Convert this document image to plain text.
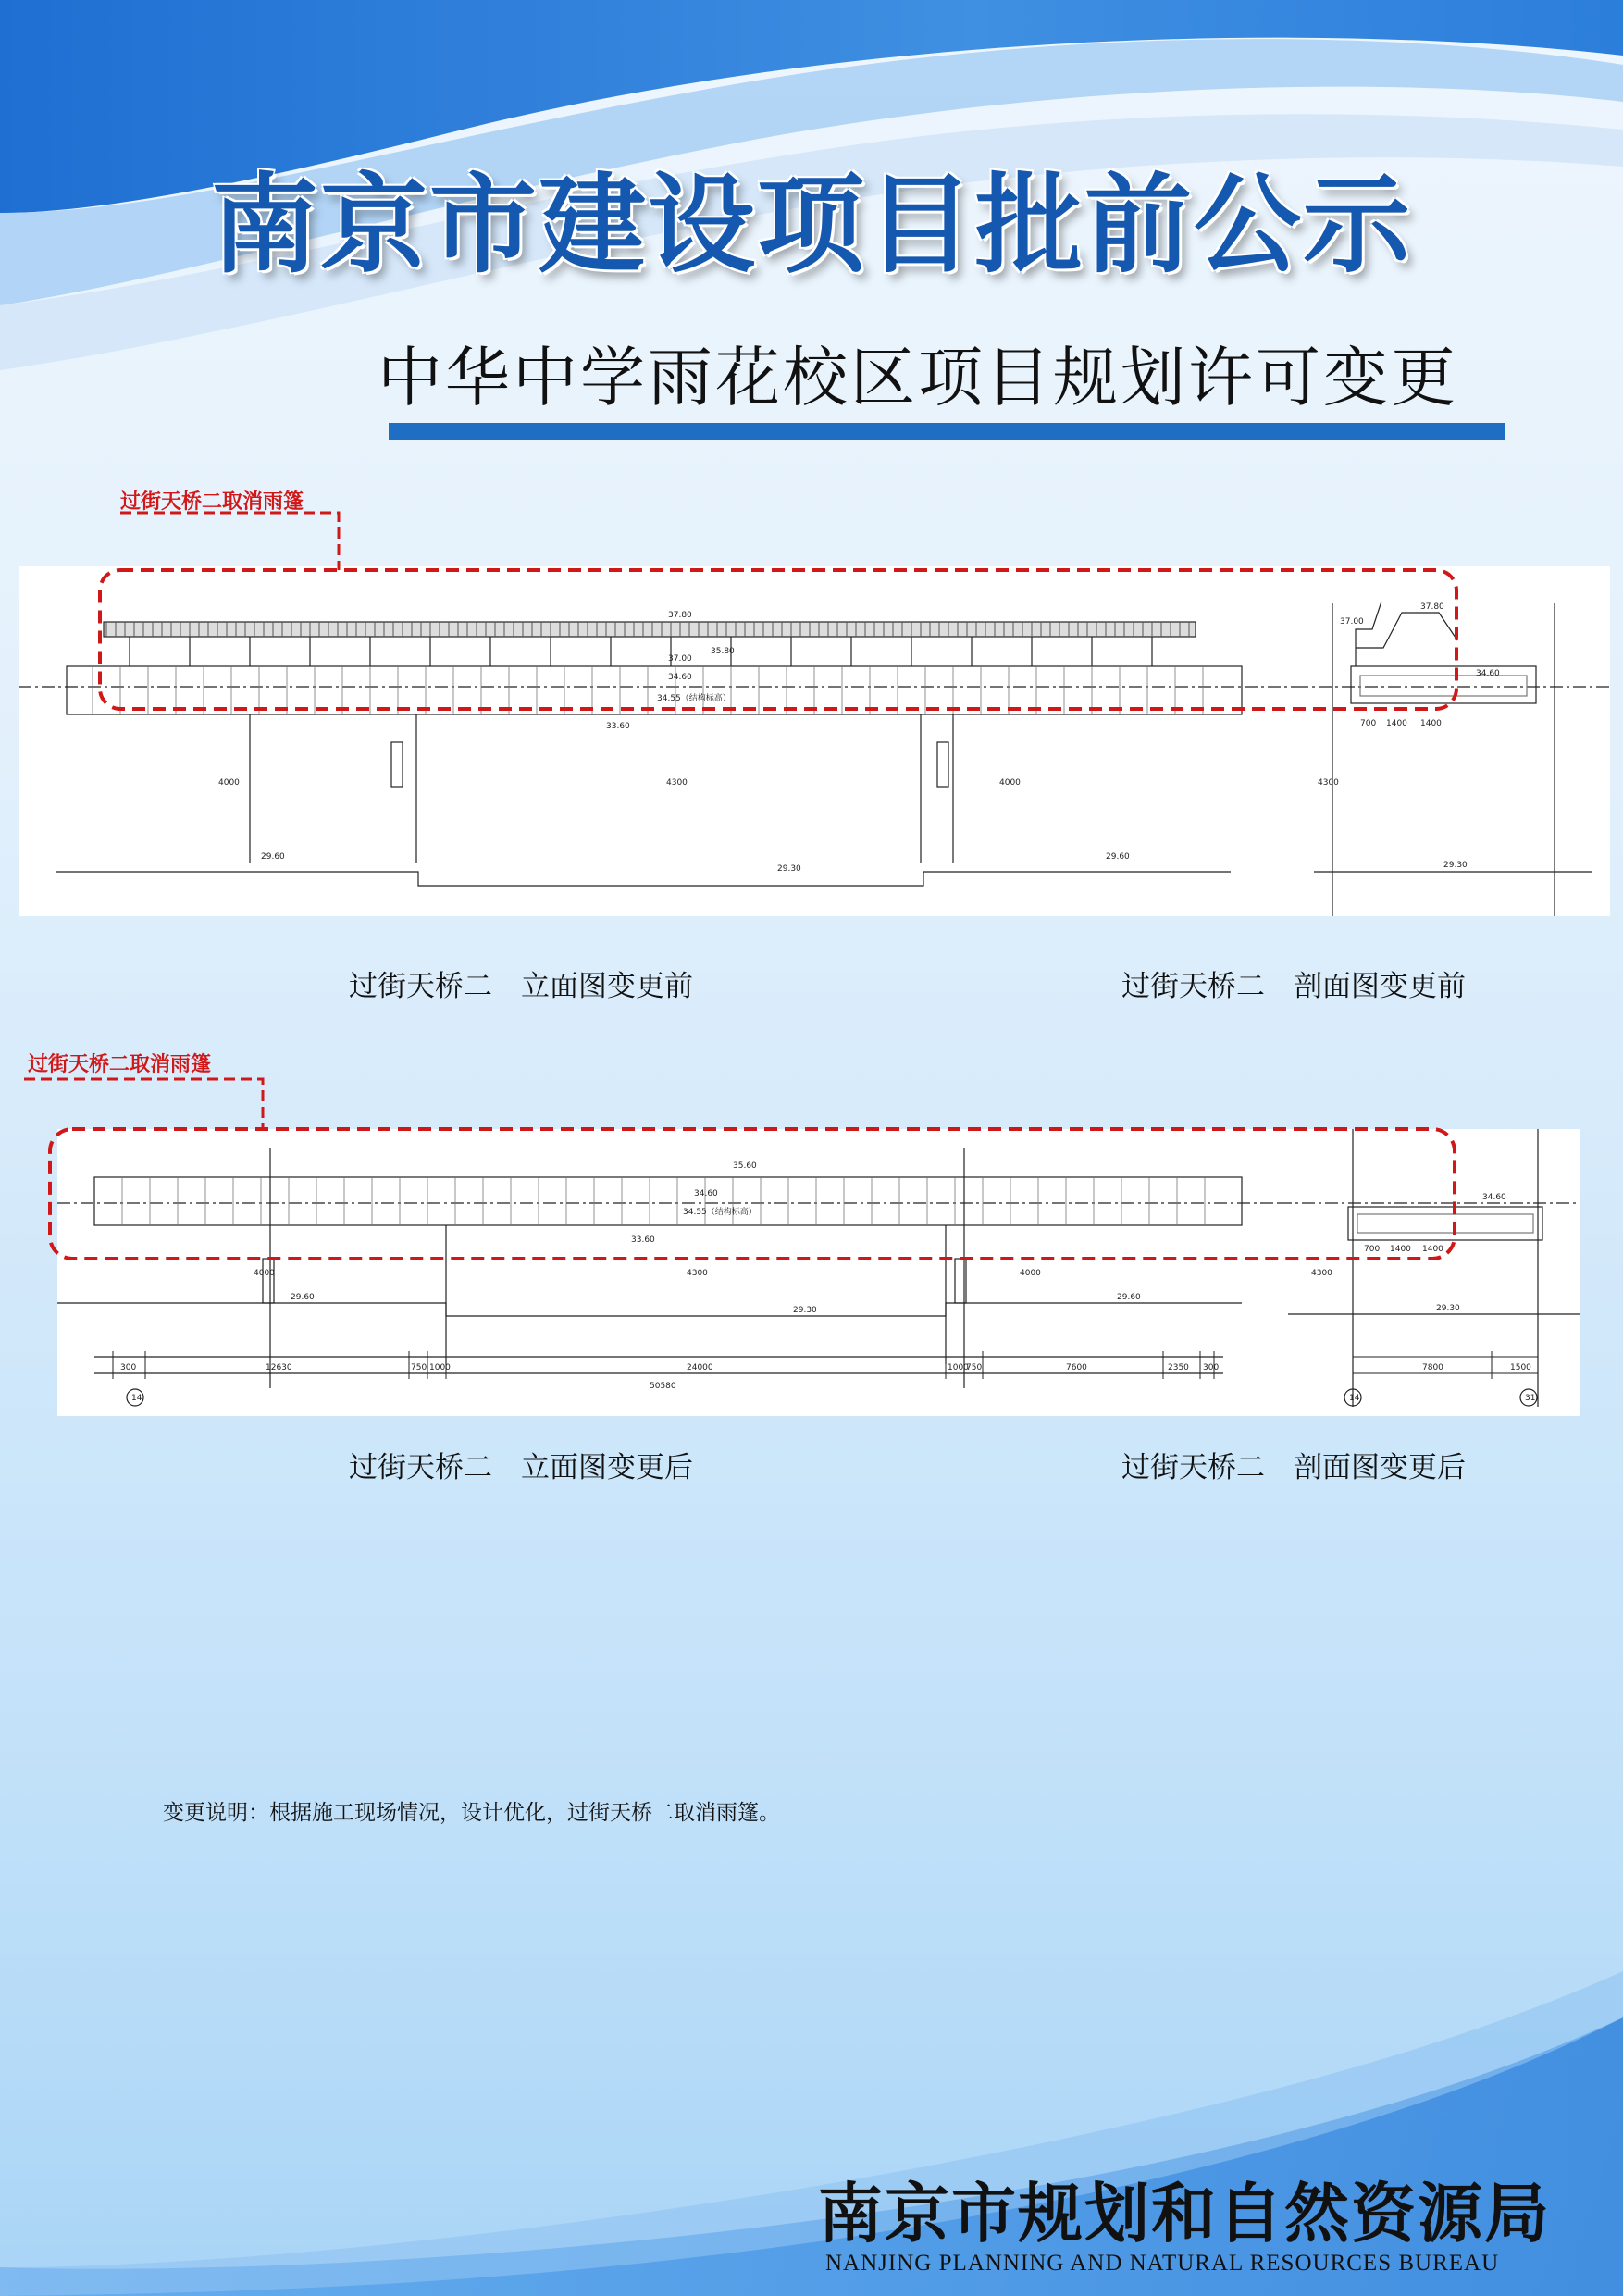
南京市建设项目批前公示
中华中学雨花校区项目规划许可变更
37.80
37.00
35.80
34.60
34.55（结构标高）
33.60
29.60
29.30
29.60
4000	4300	4000
37.00
37.80
34.60
29.30
700 1400 1400
4300
过街天桥二取消雨篷
过街天桥二　立面图变更前	过街天桥二　剖面图变更前
35.60
34.60
34.55（结构标高）
33.60
29.60
29.30
29.60
4000	4300	4000
300	12630	750 1000	24000	1000
750	7600	2350 300
50580
14
34.60
29.30
700 1400 1400
7800	1500
4300
14	31
过街天桥二取消雨篷
过街天桥二　立面图变更后	过街天桥二　剖面图变更后
变更说明：根据施工现场情况，设计优化，过街天桥二取消雨篷。
南京市规划和自然资源局
NANJING PLANNING AND NATURAL RESOURCES BUREAU
